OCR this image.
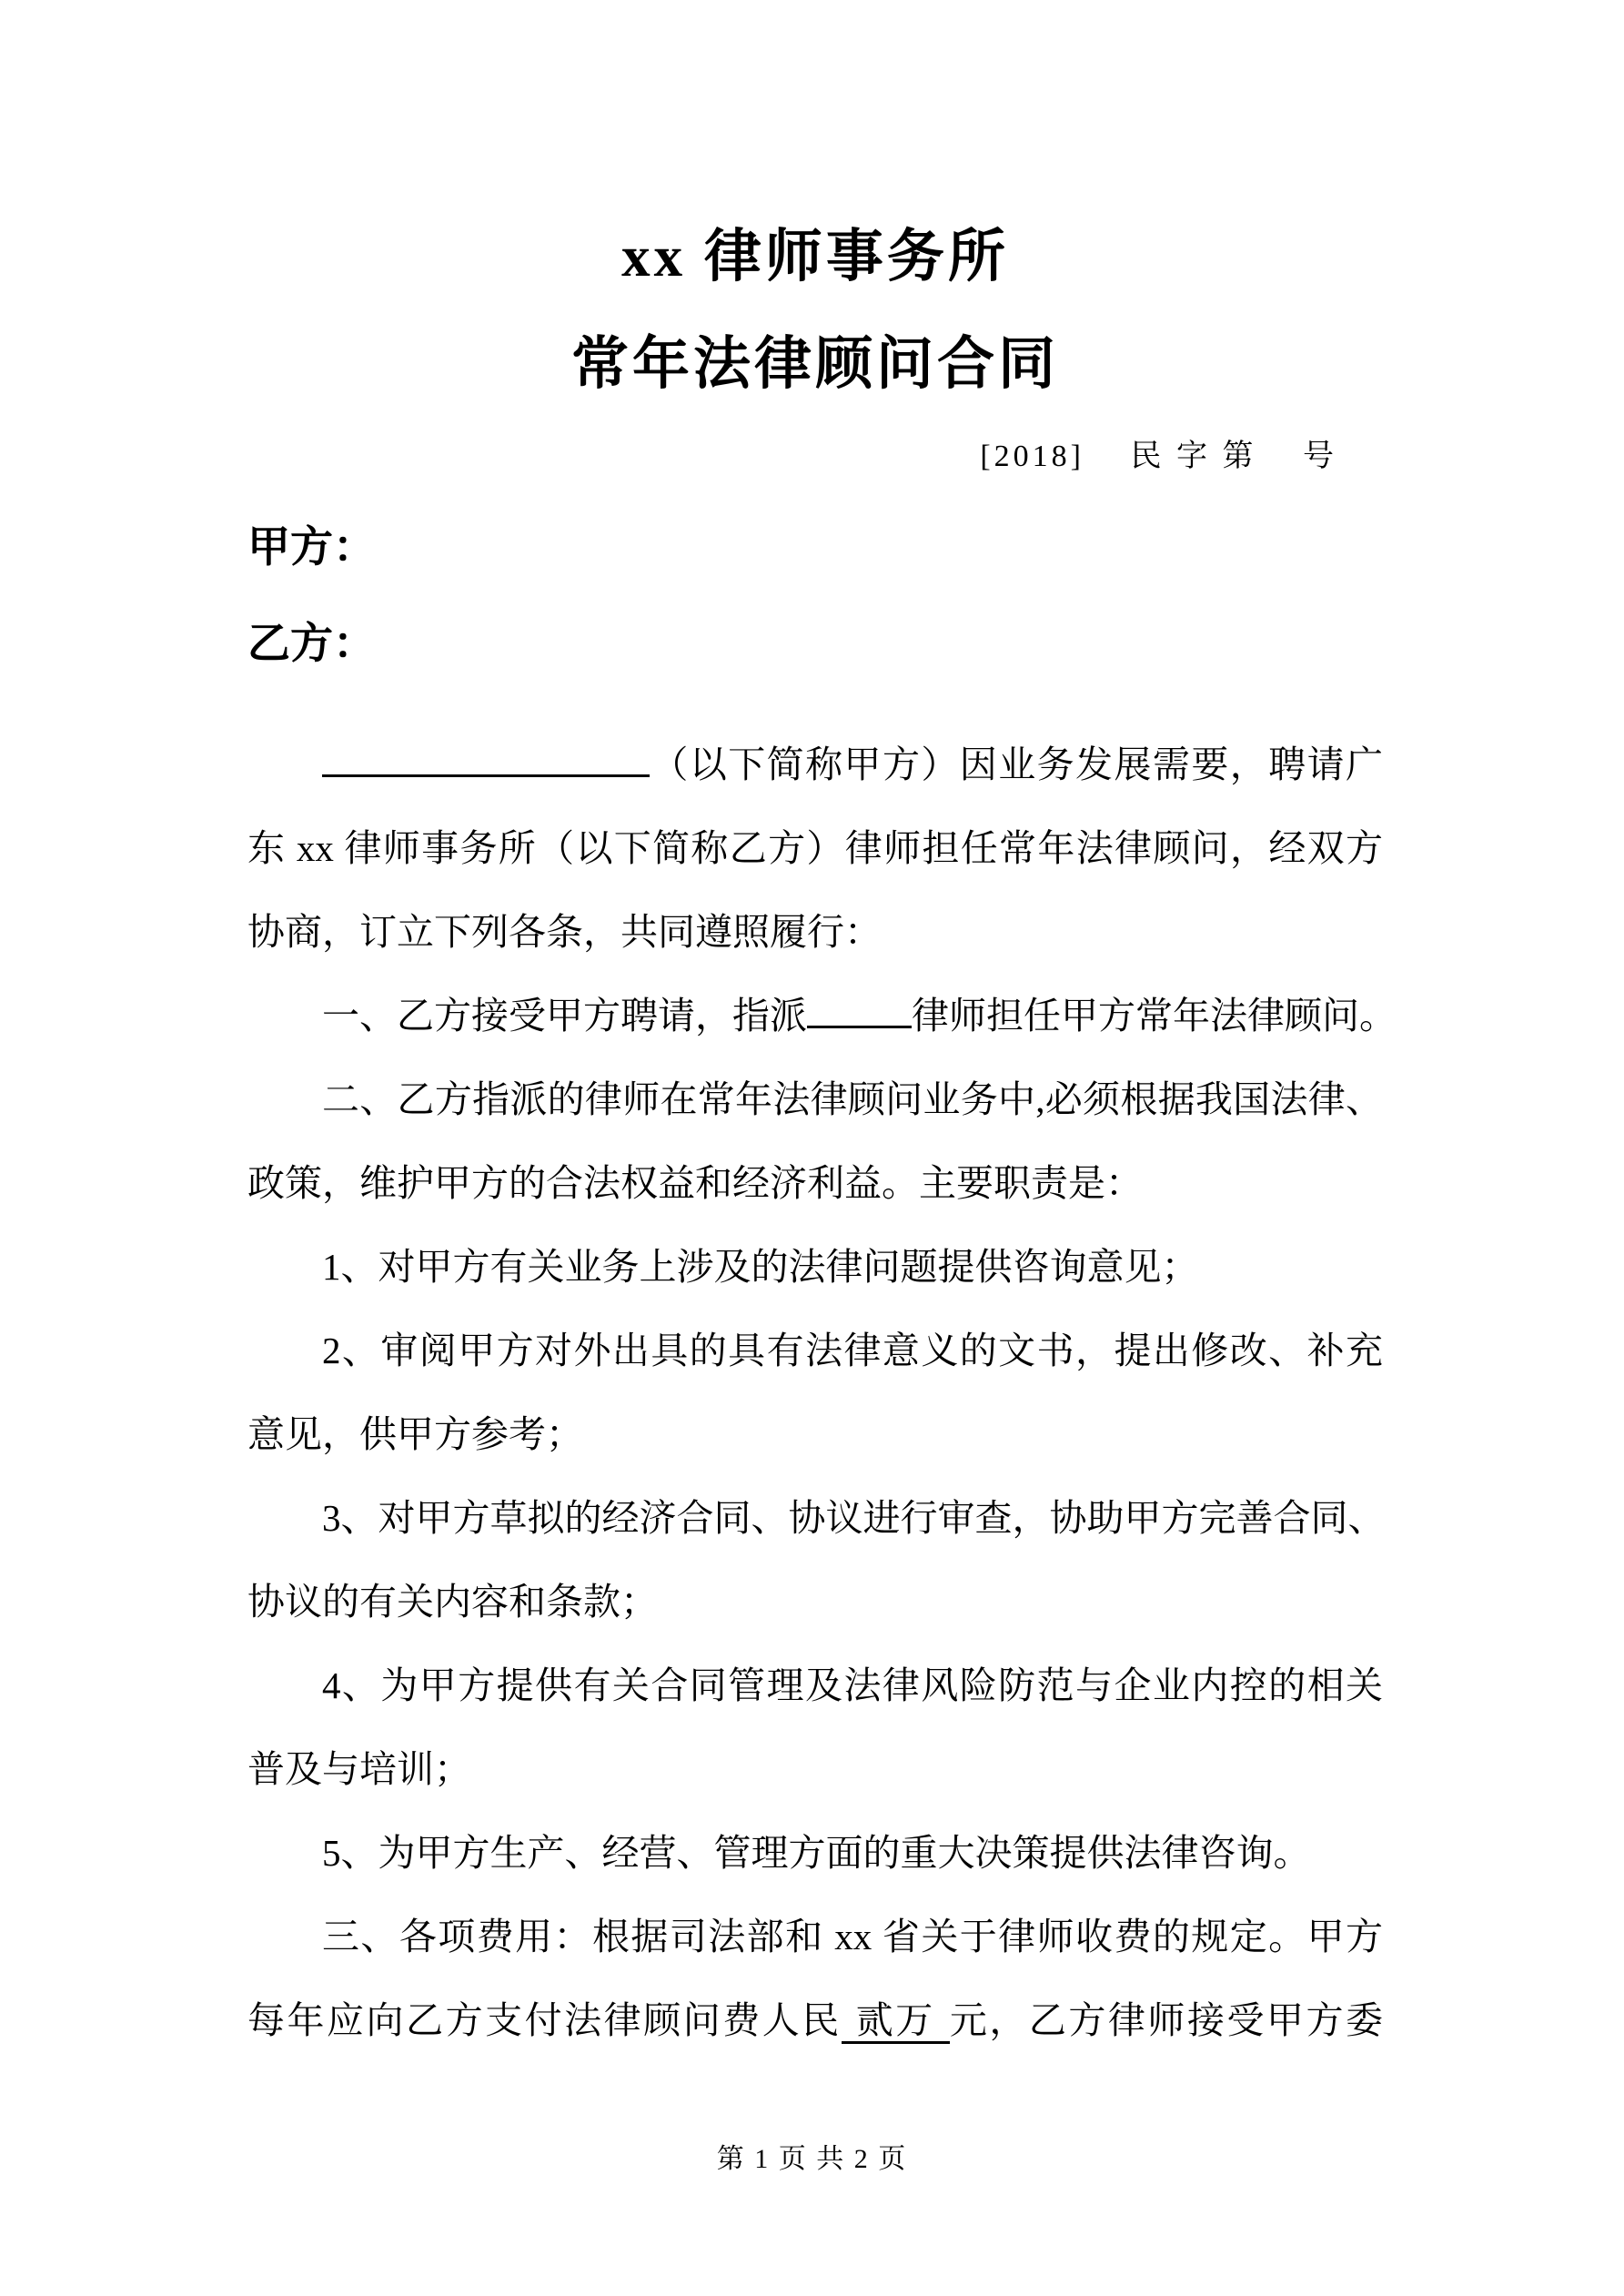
xx 律师事务所
常年法律顾问合同
[2018]　 民 字 第　 号
甲方：
乙方：
（以下简称甲方）因业务发展需要，聘请广
东 xx 律师事务所（以下简称乙方）律师担任常年法律顾问，经双方
协商，订立下列各条，共同遵照履行：
一、乙方接受甲方聘请，指派	律师担任甲方常年法律顾问。
二、乙方指派的律师在常年法律顾问业务中,必须根据我国法律、
政策，维护甲方的合法权益和经济利益。主要职责是：
1、对甲方有关业务上涉及的法律问题提供咨询意见；
2、审阅甲方对外出具的具有法律意义的文书，提出修改、补充
意见，供甲方参考；
3、对甲方草拟的经济合同、协议进行审查，协助甲方完善合同、
协议的有关内容和条款；
4、为甲方提供有关合同管理及法律风险防范与企业内控的相关
普及与培训；
5、为甲方生产、经营、管理方面的重大决策提供法律咨询。
三、各项费用：根据司法部和 xx 省关于律师收费的规定。甲方
每年应向乙方支付法律顾问费人民 贰万 元，乙方律师接受甲方委
第 1 页 共 2 页
